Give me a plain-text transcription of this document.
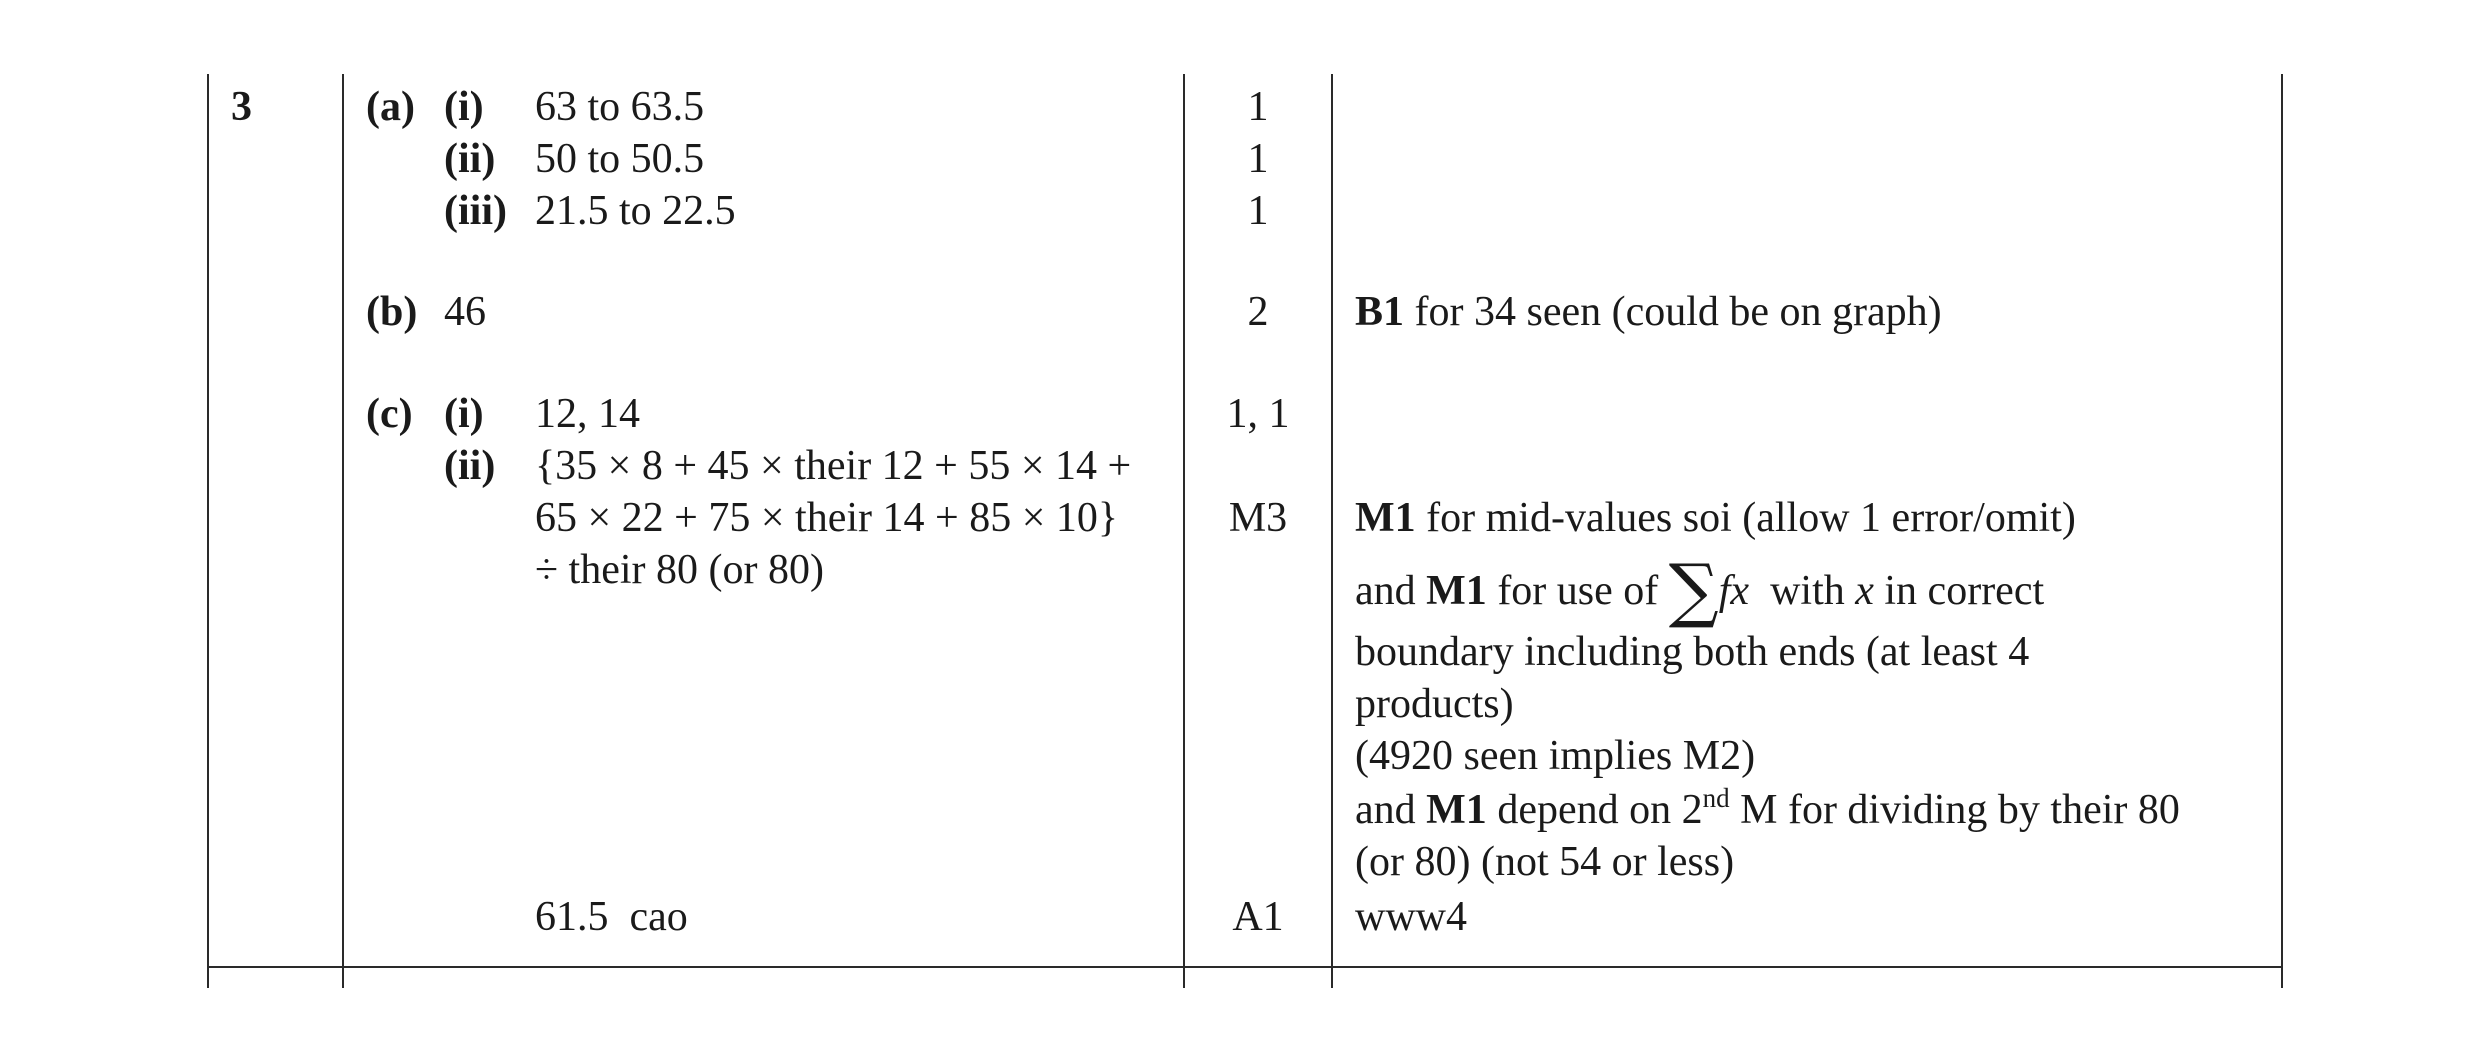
3	(a) (i) 63 to 63.5	1
(ii) 50 to 50.5	1
(iii) 21.5 to 22.5	1
(b) 46	2	B1 for 34 seen (could be on graph)
(c) (i) 12, 14	1, 1
(ii) {35 × 8 + 45 × their 12 + 55 × 14 +
65 × 22 + 75 × their 14 + 85 × 10}
÷ their 80 (or 80)
M3	M1 for mid-values soi (allow 1 error/omit)
and M1 for use of ∑fx with x in correct
boundary including both ends (at least 4
products)
(4920 seen implies M2)
and M1 depend on 2nd M for dividing by their 80
(or 80) (not 54 or less)
61.5  cao	A1	www4
